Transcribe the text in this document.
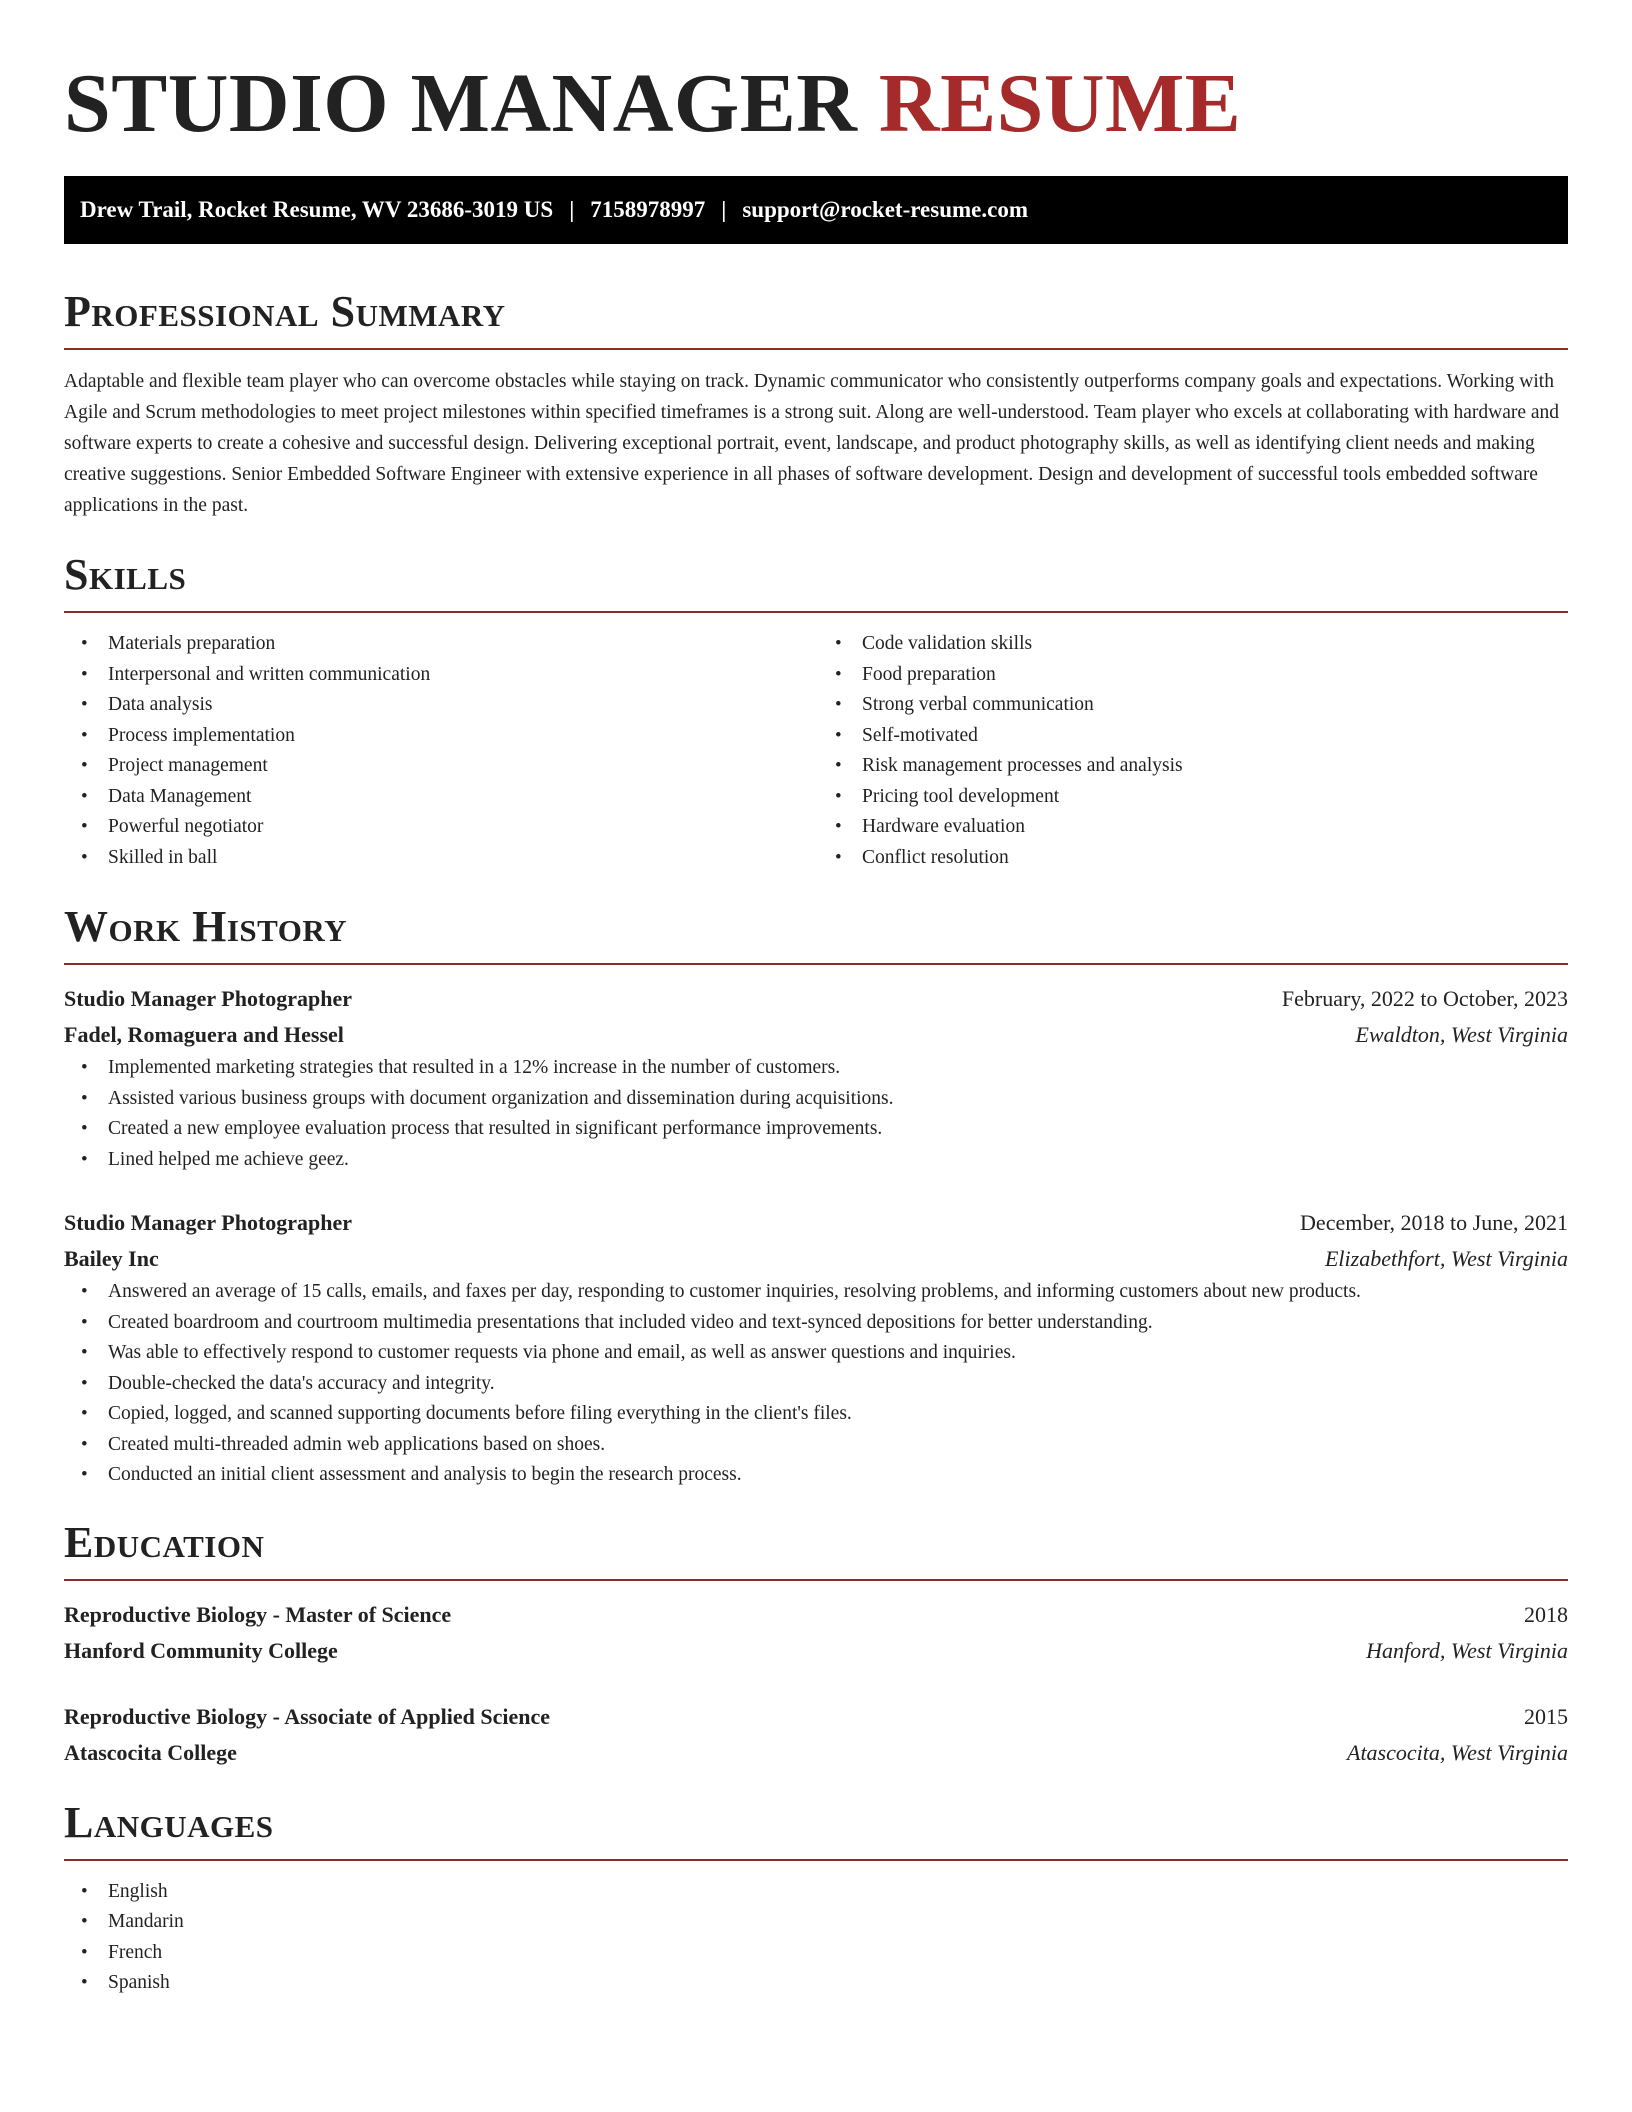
STUDIO MANAGER RESUME
Drew Trail, Rocket Resume, WV 23686-3019 US | 7158978997 | support@rocket-resume.com
Professional Summary

Adaptable and flexible team player who can overcome obstacles while staying on track. Dynamic communicator who consistently outperforms company goals and expectations. Working with Agile and Scrum methodologies to meet project milestones within specified timeframes is a strong suit. Along are well-understood. Team player who excels at collaborating with hardware and software experts to create a cohesive and successful design. Delivering exceptional portrait, event, landscape, and product photography skills, as well as identifying client needs and making creative suggestions. Senior Embedded Software Engineer with extensive experience in all phases of software development. Design and development of successful tools embedded software applications in the past.

Skills
• Materials preparation
• Interpersonal and written communication
• Data analysis
• Process implementation
• Project management
• Data Management
• Powerful negotiator
• Skilled in ball
• Code validation skills
• Food preparation
• Strong verbal communication
• Self-motivated
• Risk management processes and analysis
• Pricing tool development
• Hardware evaluation
• Conflict resolution
Work History
Studio Manager Photographer	February, 2022 to October, 2023
Fadel, Romaguera and Hessel	Ewaldton, West Virginia
• Implemented marketing strategies that resulted in a 12% increase in the number of customers.
• Assisted various business groups with document organization and dissemination during acquisitions.
• Created a new employee evaluation process that resulted in significant performance improvements.
• Lined helped me achieve geez.
Studio Manager Photographer	December, 2018 to June, 2021
Bailey Inc	Elizabethfort, West Virginia
• Answered an average of 15 calls, emails, and faxes per day, responding to customer inquiries, resolving problems, and informing customers about new products.
• Created boardroom and courtroom multimedia presentations that included video and text-synced depositions for better understanding.
• Was able to effectively respond to customer requests via phone and email, as well as answer questions and inquiries.
• Double-checked the data's accuracy and integrity.
• Copied, logged, and scanned supporting documents before filing everything in the client's files.
• Created multi-threaded admin web applications based on shoes.
• Conducted an initial client assessment and analysis to begin the research process.
Education
Reproductive Biology - Master of Science	2018
Hanford Community College	Hanford, West Virginia
Reproductive Biology - Associate of Applied Science	2015
Atascocita College	Atascocita, West Virginia
Languages
• English
• Mandarin
• French
• Spanish
